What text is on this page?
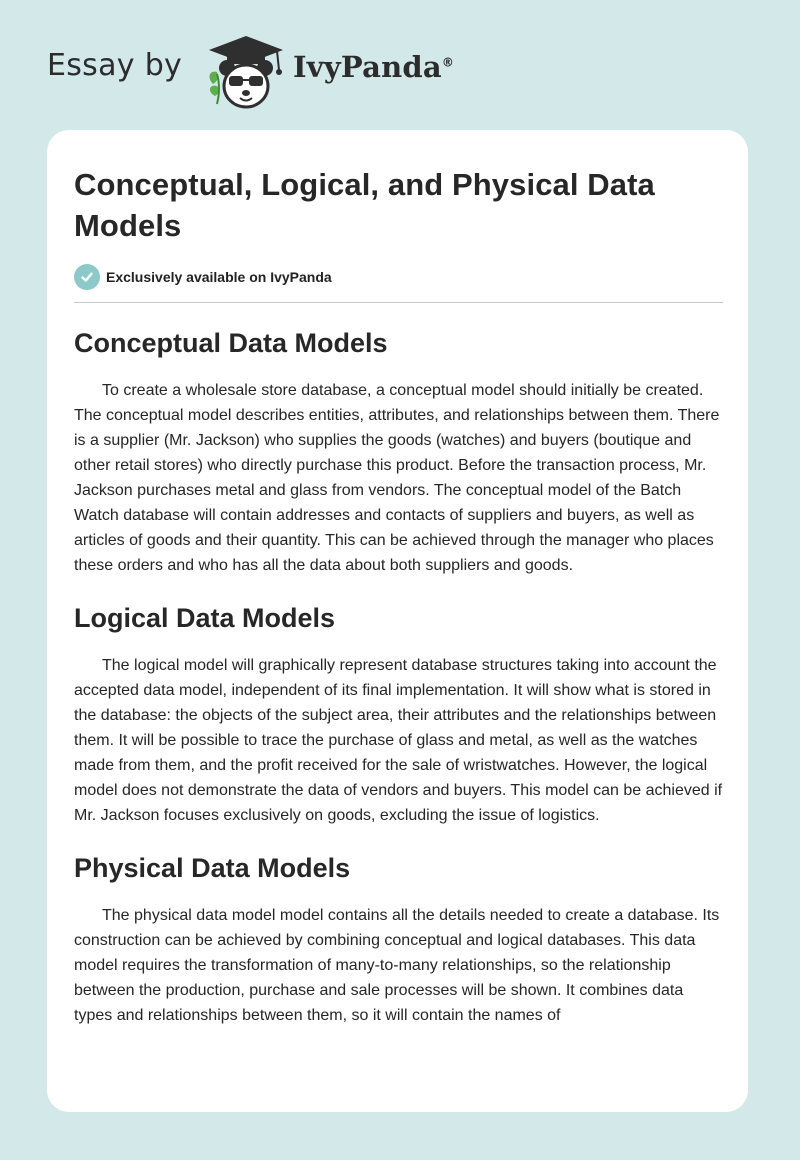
Essay by	IvyPanda®
Conceptual, Logical, and Physical Data Models
Exclusively available on IvyPanda
Conceptual Data Models

To create a wholesale store database, a conceptual model should initially be created. The conceptual model describes entities, attributes, and relationships between them. There is a supplier (Mr. Jackson) who supplies the goods (watches) and buyers (boutique and other retail stores) who directly purchase this product. Before the transaction process, Mr. Jackson purchases metal and glass from vendors. The conceptual model of the Batch Watch database will contain addresses and contacts of suppliers and buyers, as well as articles of goods and their quantity. This can be achieved through the manager who places these orders and who has all the data about both suppliers and goods.

Logical Data Models

The logical model will graphically represent database structures taking into account the accepted data model, independent of its final implementation. It will show what is stored in the database: the objects of the subject area, their attributes and the relationships between them. It will be possible to trace the purchase of glass and metal, as well as the watches made from them, and the profit received for the sale of wristwatches. However, the logical model does not demonstrate the data of vendors and buyers. This model can be achieved if Mr. Jackson focuses exclusively on goods, excluding the issue of logistics.

Physical Data Models

The physical data model model contains all the details needed to create a database. Its construction can be achieved by combining conceptual and logical databases. This data model requires the transformation of many-to-many relationships, so the relationship between the production, purchase and sale processes will be shown. It combines data types and relationships between them, so it will contain the names of
